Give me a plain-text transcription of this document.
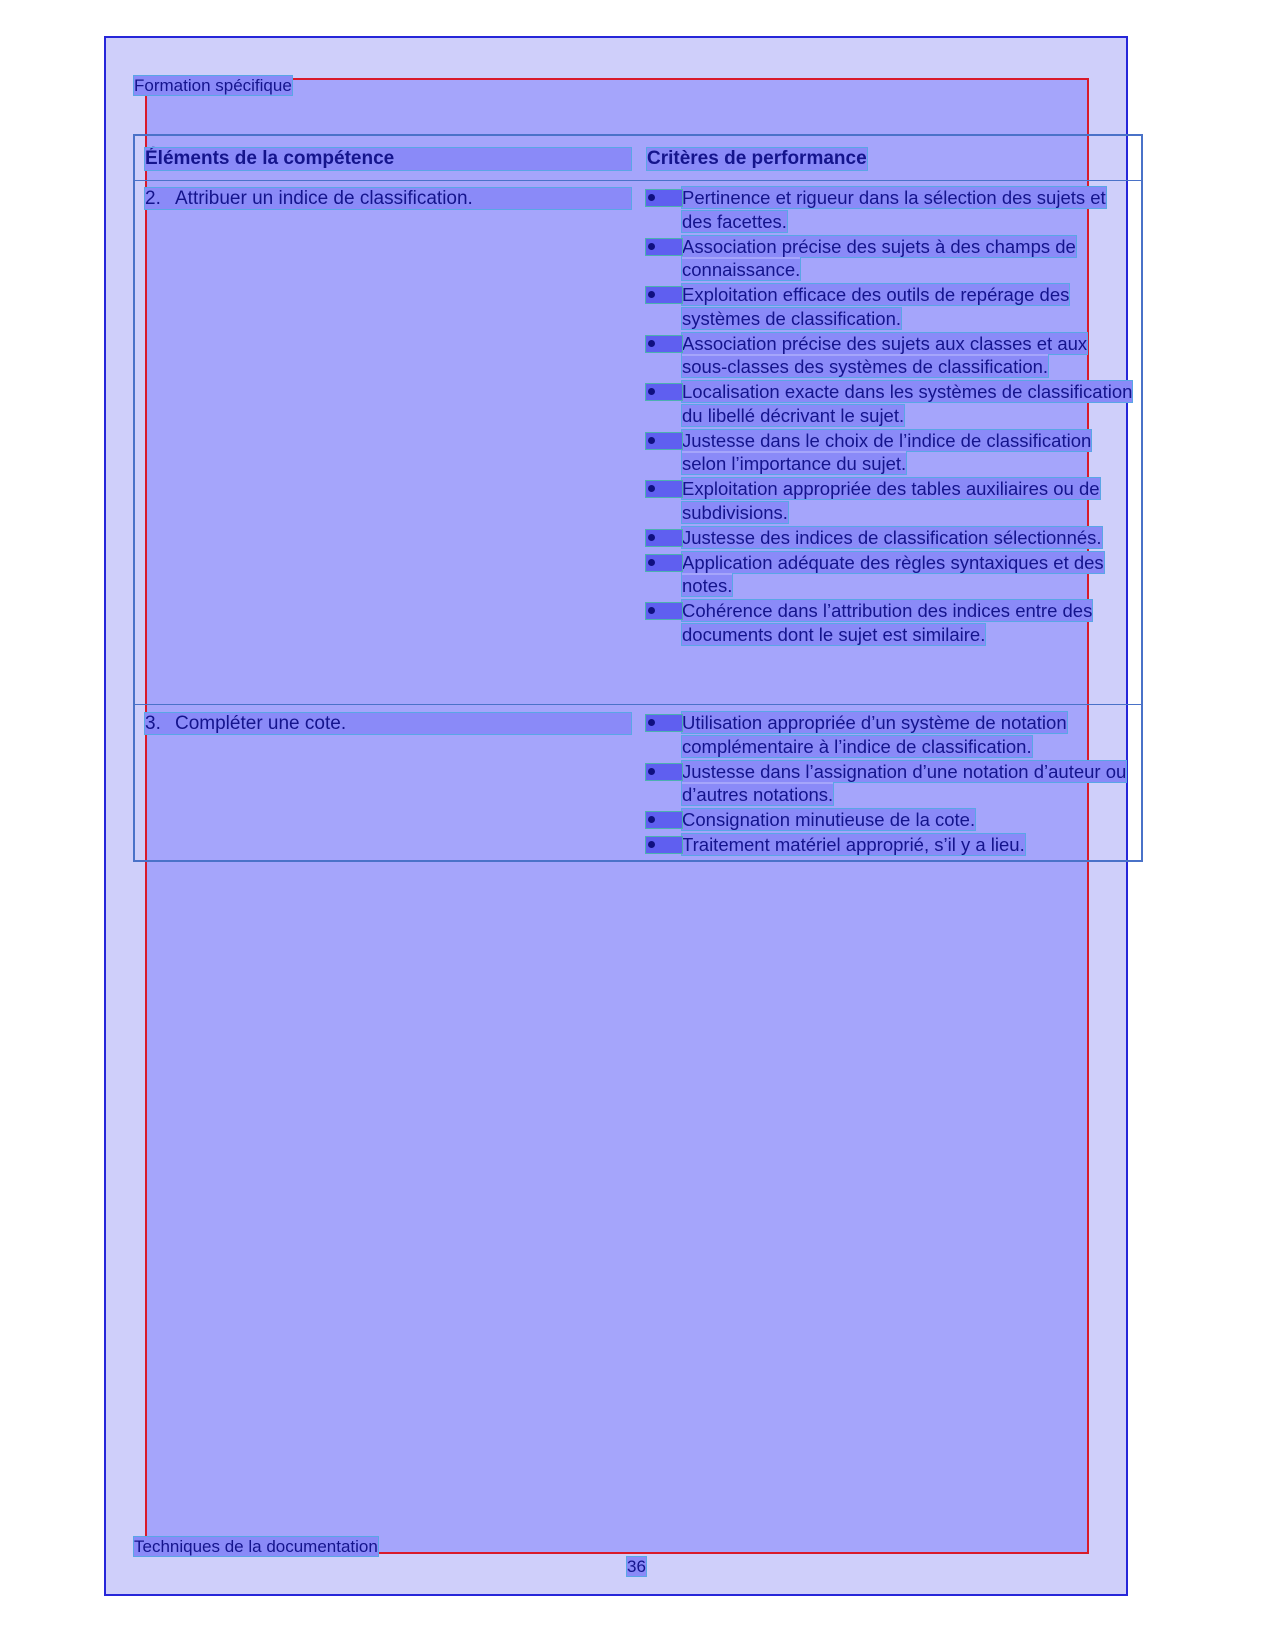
Formation spécifique
Éléments de la compétence	Critères de performance
2. Attribuer un indice de classification.	Pertinence et rigueur dans la sélection des sujets et des facettes.
Association précise des sujets à des champs de connaissance.
Exploitation efficace des outils de repérage des systèmes de classification.
Association précise des sujets aux classes et aux sous-classes des systèmes de classification.
Localisation exacte dans les systèmes de classification du libellé décrivant le sujet.
Justesse dans le choix de l’indice de classification selon l’importance du sujet.
Exploitation appropriée des tables auxiliaires ou de subdivisions.
Justesse des indices de classification sélectionnés.
Application adéquate des règles syntaxiques et des notes.
Cohérence dans l’attribution des indices entre des documents dont le sujet est similaire.
3. Compléter une cote.	Utilisation appropriée d’un système de notation complémentaire à l’indice de classification.
Justesse dans l’assignation d’une notation d’auteur ou d’autres notations.
Consignation minutieuse de la cote.
Traitement matériel approprié, s’il y a lieu.
Techniques de la documentation
36
